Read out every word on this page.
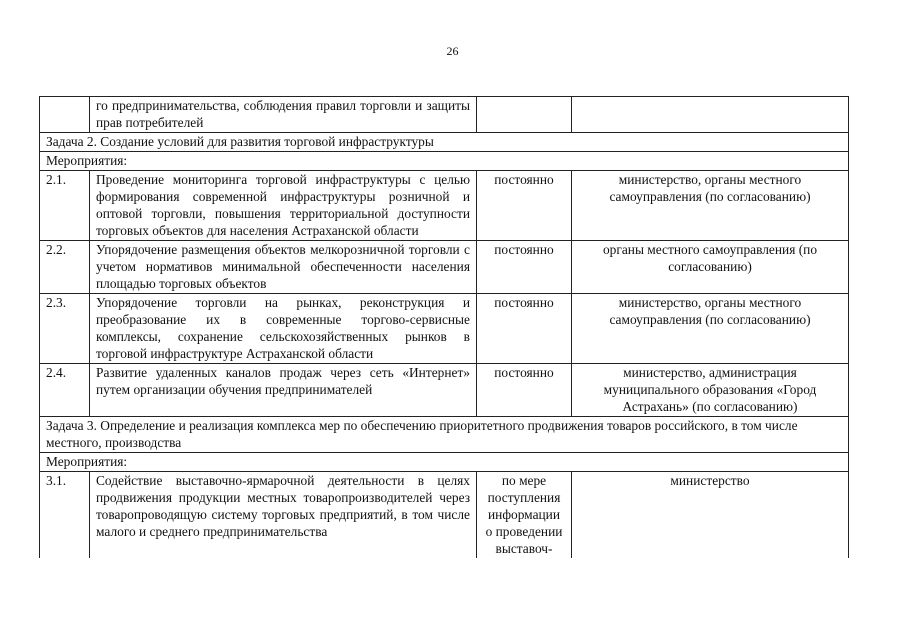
26
	го предпринимательства, соблюдения правил торговли и защиты прав потребителей		
Задача 2. Создание условий для развития торговой инфраструктуры			
Мероприятия:			
2.1.	Проведение мониторинга торговой инфраструктуры с целью формирования современной инфраструктуры розничной и оптовой торговли, повышения территориальной доступности торговых объектов для населения Астраханской области	постоянно	министерство, органы местного самоуправления (по согласованию)
2.2.	Упорядочение размещения объектов мелкорозничной торговли с учетом нормативов минимальной обеспеченности населения площадью торговых объектов	постоянно	органы местного самоуправления (по согласованию)
2.3.	Упорядочение торговли на рынках, реконструкция и преобразование их в современные торгово-сервисные комплексы, сохранение сельскохозяйственных рынков в торговой инфраструктуре Астраханской области	постоянно	министерство, органы местного самоуправления (по согласованию)
2.4.	Развитие удаленных каналов продаж через сеть «Интернет» путем организации обучения предпринимателей	постоянно	министерство, администрация муниципального образования «Город Астрахань» (по согласованию)
Задача 3. Определение и реализация комплекса мер по обеспечению приоритетного продвижения товаров российского, в том числе местного, производства			
Мероприятия:			
3.1.	Содействие выставочно-ярмарочной деятельности в целях продвижения продукции местных товаропроизводителей через товаропроводящую систему торговых предприятий, в том числе малого и среднего предпринимательства	по мере поступления информации о проведении выставоч-	министерство
